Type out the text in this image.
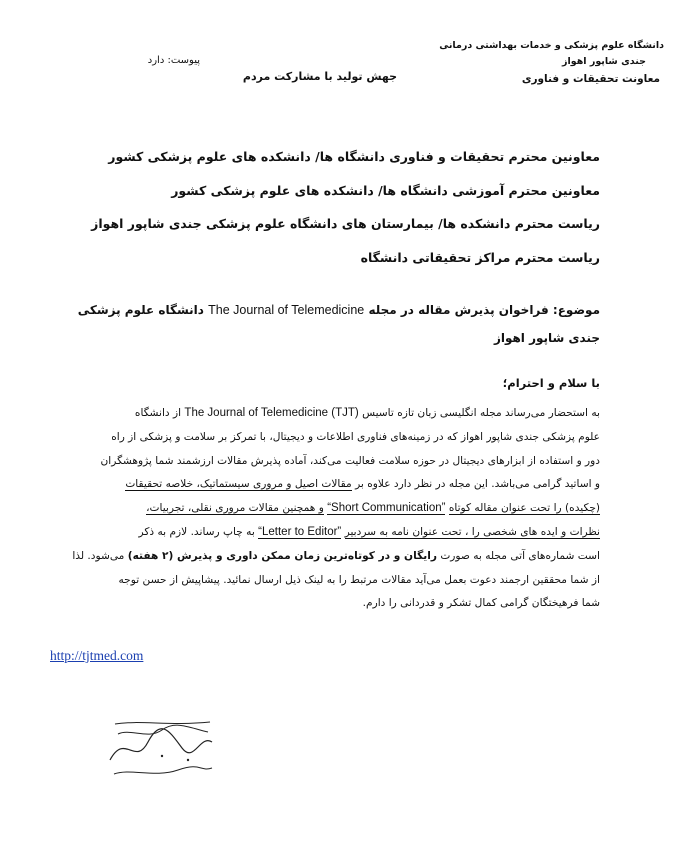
دانشگاه علوم پزشکی و خدمات بهداشتی درمانی
جندی شاپور اهواز
معاونت تحقیقات و فناوری
پیوست: دارد
جهش تولید با مشارکت مردم
معاونین محترم تحقیقات و فناوری دانشگاه ها/ دانشکده های علوم پزشکی کشور
معاونین محترم آموزشی دانشگاه ها/ دانشکده های علوم پزشکی کشور
ریاست محترم دانشکده ها/ بیمارستان های دانشگاه علوم پزشکی جندی شاپور اهواز
ریاست محترم مراکز تحقیقاتی دانشگاه
موضوع: فراخوان پذیرش مقاله در مجله The Journal of Telemedicine دانشگاه علوم پزشکی
جندی شاپور اهواز
با سلام و احترام؛
به استحضار می‌رساند مجله انگلیسی زبان تازه تاسیس The Journal of Telemedicine (TJT) از دانشگاه
علوم پزشکی جندی شاپور اهواز که در زمینه‌های فناوری اطلاعات و دیجیتال، با تمرکز بر سلامت و پزشکی از راه
دور و استفاده از ابزارهای دیجیتال در حوزه سلامت فعالیت می‌کند، آماده پذیرش مقالات ارزشمند شما پژوهشگران
و اساتید گرامی می‌باشد. این مجله در نظر دارد علاوه بر مقالات اصیل و مروری سیستماتیک، خلاصه تحقیقات
(چکیده) را تحت عنوان مقاله کوتاه “Short Communication” و همچنین مقالات مروری نقلی، تجربیات،
نظرات و ایده های شخصی را ، تحت عنوان نامه به سردبیر “Letter to Editor” به چاپ رساند. لازم به ذکر
است شماره‌های آتی مجله به صورت رایگان و در کوتاه‌ترین زمان ممکن داوری و پذیرش (۲ هفته) می‌شود. لذا
از شما محققین ارجمند دعوت بعمل می‌آید مقالات مرتبط را به لینک ذیل ارسال نمائید. پیشاپیش از حسن توجه
شما فرهیختگان گرامی کمال تشکر و قدردانی را دارم.
http://tjtmed.com
